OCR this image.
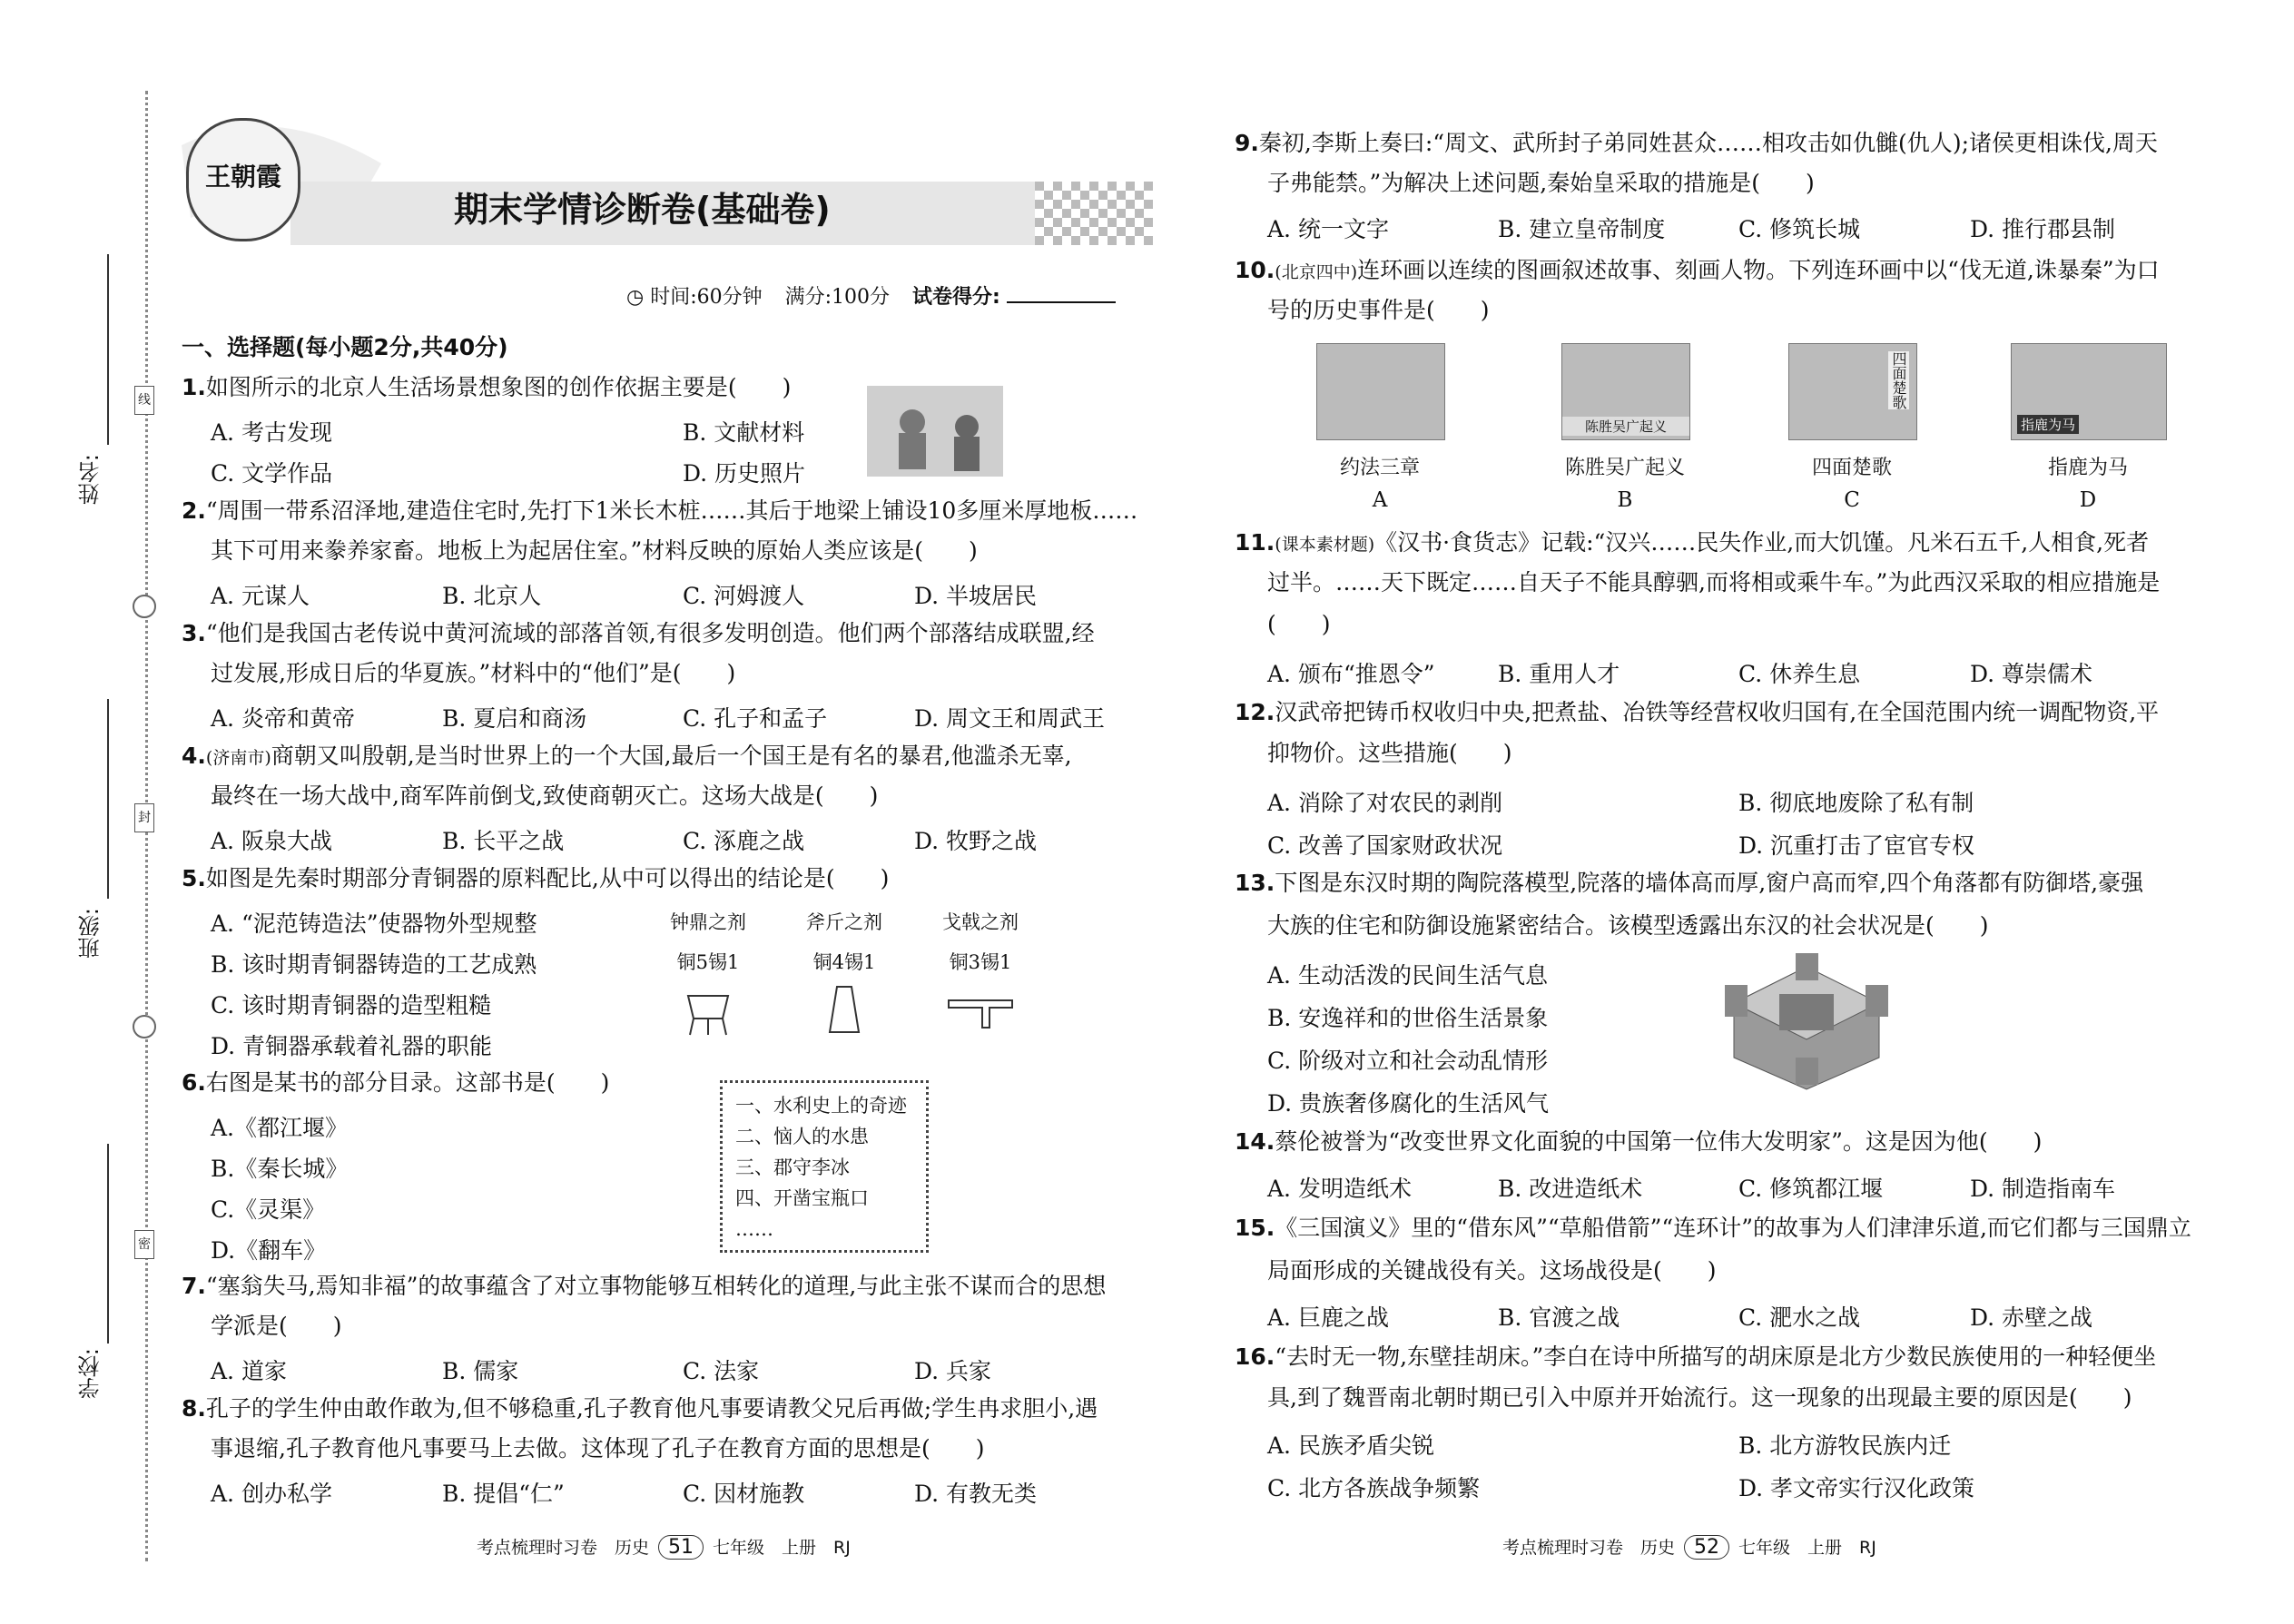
姓名:
班级:
学校:
线
封
密
王朝霞
期末学情诊断卷(基础卷)
◷ 时间:60分钟 满分:100分 试卷得分:
一、选择题(每小题2分,共40分)
1.如图所示的北京人生活场景想象图的创作依据主要是(　　)
A. 考古发现	B. 文献材料
C. 文学作品	D. 历史照片
2.“周围一带系沼泽地,建造住宅时,先打下1米长木桩……其后于地梁上铺设10多厘米厚地板……
其下可用来豢养家畜。地板上为起居住室。”材料反映的原始人类应该是(　　)
A. 元谋人	B. 北京人	C. 河姆渡人	D. 半坡居民
3.“他们是我国古老传说中黄河流域的部落首领,有很多发明创造。他们两个部落结成联盟,经
过发展,形成日后的华夏族。”材料中的“他们”是(　　)
A. 炎帝和黄帝	B. 夏启和商汤	C. 孔子和孟子	D. 周文王和周武王
4.(济南市)商朝又叫殷朝,是当时世界上的一个大国,最后一个国王是有名的暴君,他滥杀无辜,
最终在一场大战中,商军阵前倒戈,致使商朝灭亡。这场大战是(　　)
A. 阪泉大战	B. 长平之战	C. 涿鹿之战	D. 牧野之战
5.如图是先秦时期部分青铜器的原料配比,从中可以得出的结论是(　　)
A. “泥范铸造法”使器物外型规整
B. 该时期青铜器铸造的工艺成熟
C. 该时期青铜器的造型粗糙
D. 青铜器承载着礼器的职能
钟鼎之剂
铜5锡1
斧斤之剂
铜4锡1
戈戟之剂
铜3锡1
6.右图是某书的部分目录。这部书是(　　)
A.《都江堰》
B.《秦长城》
C.《灵渠》
D.《翻车》
一、水利史上的奇迹
二、恼人的水患
三、郡守李冰
四、开凿宝瓶口
……
7.“塞翁失马,焉知非福”的故事蕴含了对立事物能够互相转化的道理,与此主张不谋而合的思想
学派是(　　)
A. 道家	B. 儒家	C. 法家	D. 兵家
8.孔子的学生仲由敢作敢为,但不够稳重,孔子教育他凡事要请教父兄后再做;学生冉求胆小,遇
事退缩,孔子教育他凡事要马上去做。这体现了孔子在教育方面的思想是(　　)
A. 创办私学	B. 提倡“仁”	C. 因材施教	D. 有教无类
9.秦初,李斯上奏曰:“周文、武所封子弟同姓甚众……相攻击如仇雠(仇人);诸侯更相诛伐,周天
子弗能禁。”为解决上述问题,秦始皇采取的措施是(　　)
A. 统一文字	B. 建立皇帝制度	C. 修筑长城	D. 推行郡县制
10.(北京四中)连环画以连续的图画叙述故事、刻画人物。下列连环画中以“伐无道,诛暴秦”为口
号的历史事件是(　　)
陈胜吴广起义
四面楚歌
指鹿为马
约法三章	陈胜吴广起义	四面楚歌	指鹿为马
A	B	C	D
11.(课本素材题)《汉书·食货志》记载:“汉兴……民失作业,而大饥馑。凡米石五千,人相食,死者
过半。……天下既定……自天子不能具醇驷,而将相或乘牛车。”为此西汉采取的相应措施是
(　　)
A. 颁布“推恩令”	B. 重用人才	C. 休养生息	D. 尊崇儒术
12.汉武帝把铸币权收归中央,把煮盐、冶铁等经营权收归国有,在全国范围内统一调配物资,平
抑物价。这些措施(　　)
A. 消除了对农民的剥削	B. 彻底地废除了私有制
C. 改善了国家财政状况	D. 沉重打击了宦官专权
13.下图是东汉时期的陶院落模型,院落的墙体高而厚,窗户高而窄,四个角落都有防御塔,豪强
大族的住宅和防御设施紧密结合。该模型透露出东汉的社会状况是(　　)
A. 生动活泼的民间生活气息
B. 安逸祥和的世俗生活景象
C. 阶级对立和社会动乱情形
D. 贵族奢侈腐化的生活风气
14.蔡伦被誉为“改变世界文化面貌的中国第一位伟大发明家”。这是因为他(　　)
A. 发明造纸术	B. 改进造纸术	C. 修筑都江堰	D. 制造指南车
15.《三国演义》里的“借东风”“草船借箭”“连环计”的故事为人们津津乐道,而它们都与三国鼎立
局面形成的关键战役有关。这场战役是(　　)
A. 巨鹿之战	B. 官渡之战	C. 淝水之战	D. 赤壁之战
16.“去时无一物,东壁挂胡床。”李白在诗中所描写的胡床原是北方少数民族使用的一种轻便坐
具,到了魏晋南北朝时期已引入中原并开始流行。这一现象的出现最主要的原因是(　　)
A. 民族矛盾尖锐	B. 北方游牧民族内迁
C. 北方各族战争频繁	D. 孝文帝实行汉化政策
考点梳理时习卷　历史 51 七年级　上册　RJ	考点梳理时习卷　历史 52 七年级　上册　RJ
